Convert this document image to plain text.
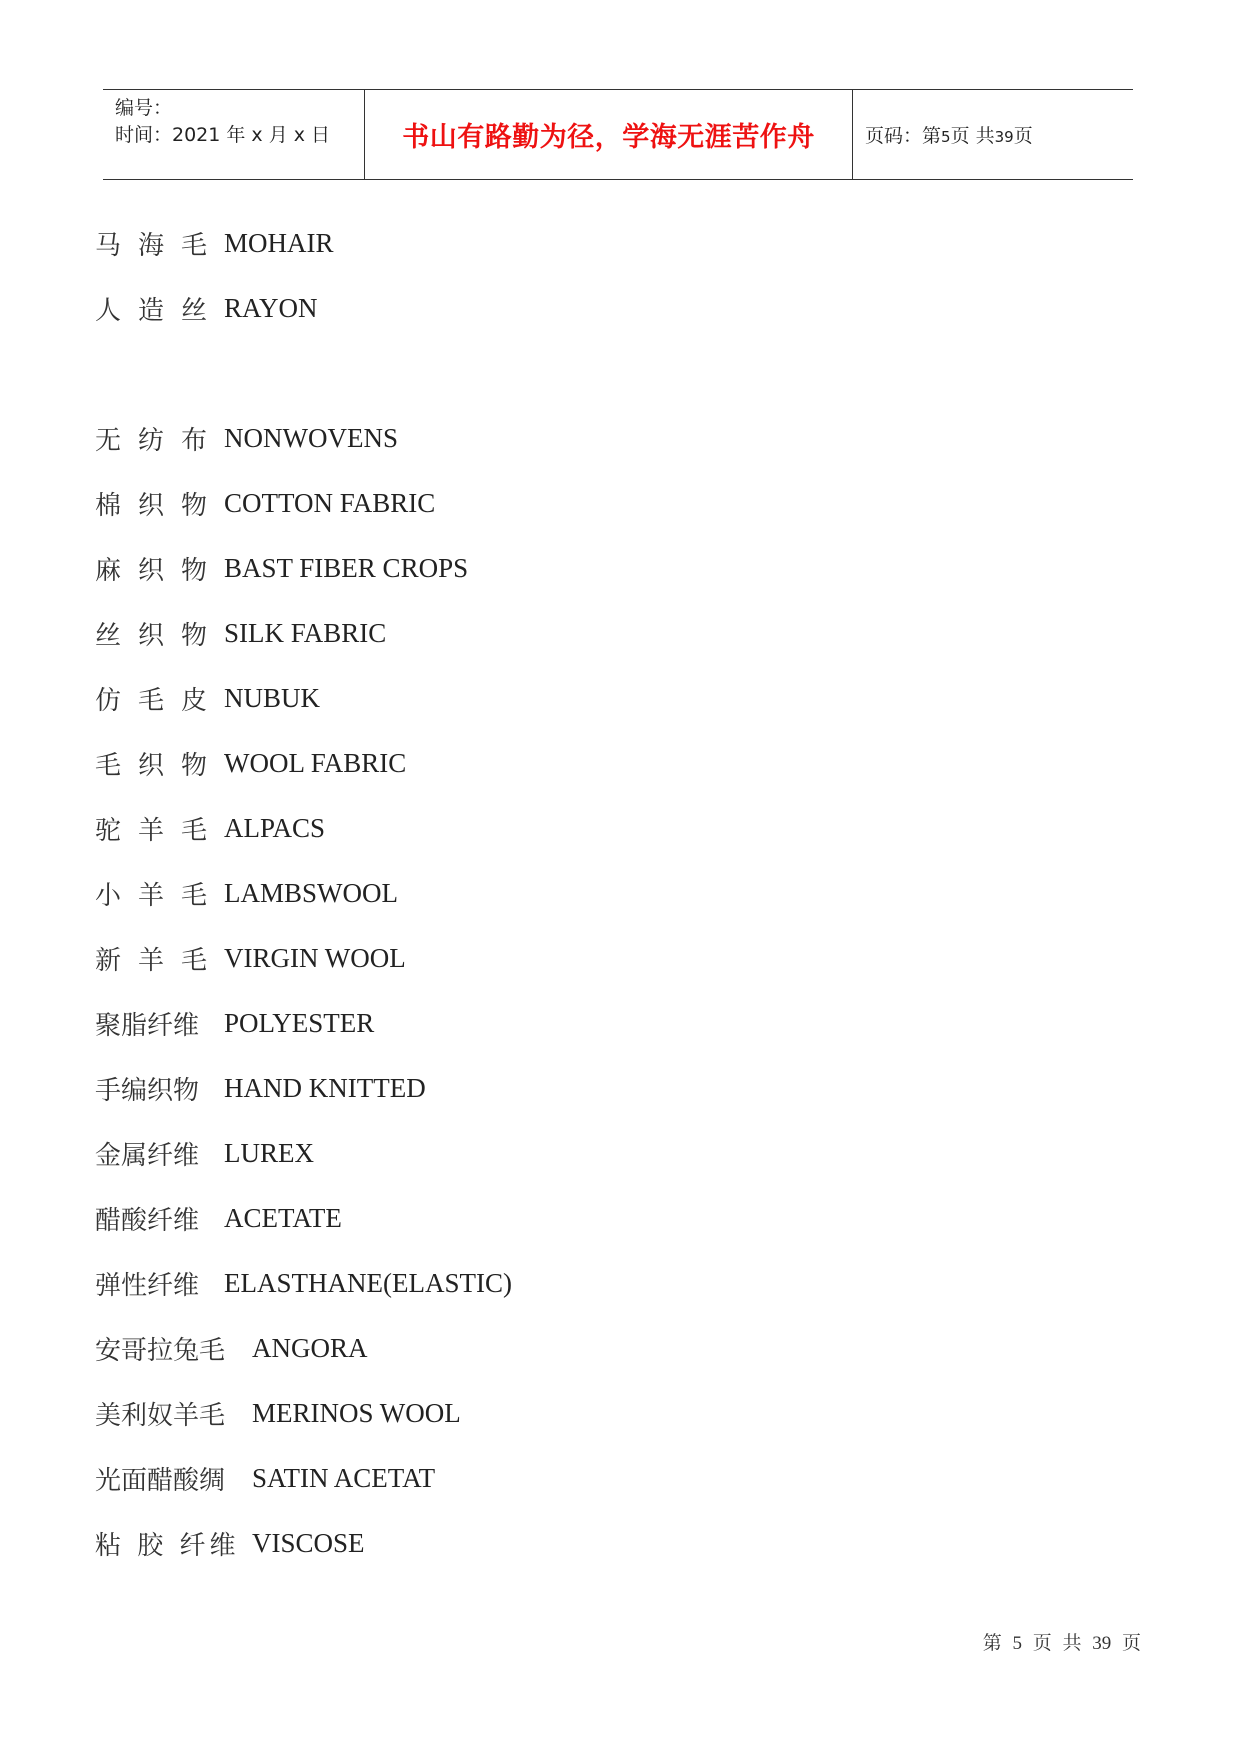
编号：
时间：2021 年 x 月 x 日	书山有路勤为径，学海无涯苦作舟	页码：第5页 共39页
马海毛 MOHAIR
人造丝 RAYON
无纺布 NONWOVENS
棉织物 COTTON FABRIC
麻织物 BAST FIBER CROPS
丝织物 SILK FABRIC
仿毛皮 NUBUK
毛织物 WOOL FABRIC
驼羊毛 ALPACS
小羊毛 LAMBSWOOL
新羊毛 VIRGIN WOOL
聚脂纤维 POLYESTER
手编织物 HAND KNITTED
金属纤维 LUREX
醋酸纤维 ACETATE
弹性纤维 ELASTHANE(ELASTIC)
安哥拉兔毛 ANGORA
美利奴羊毛 MERINOS WOOL
光面醋酸绸 SATIN ACETAT
粘 胶 纤维 VISCOSE
第 5 页 共 39 页
